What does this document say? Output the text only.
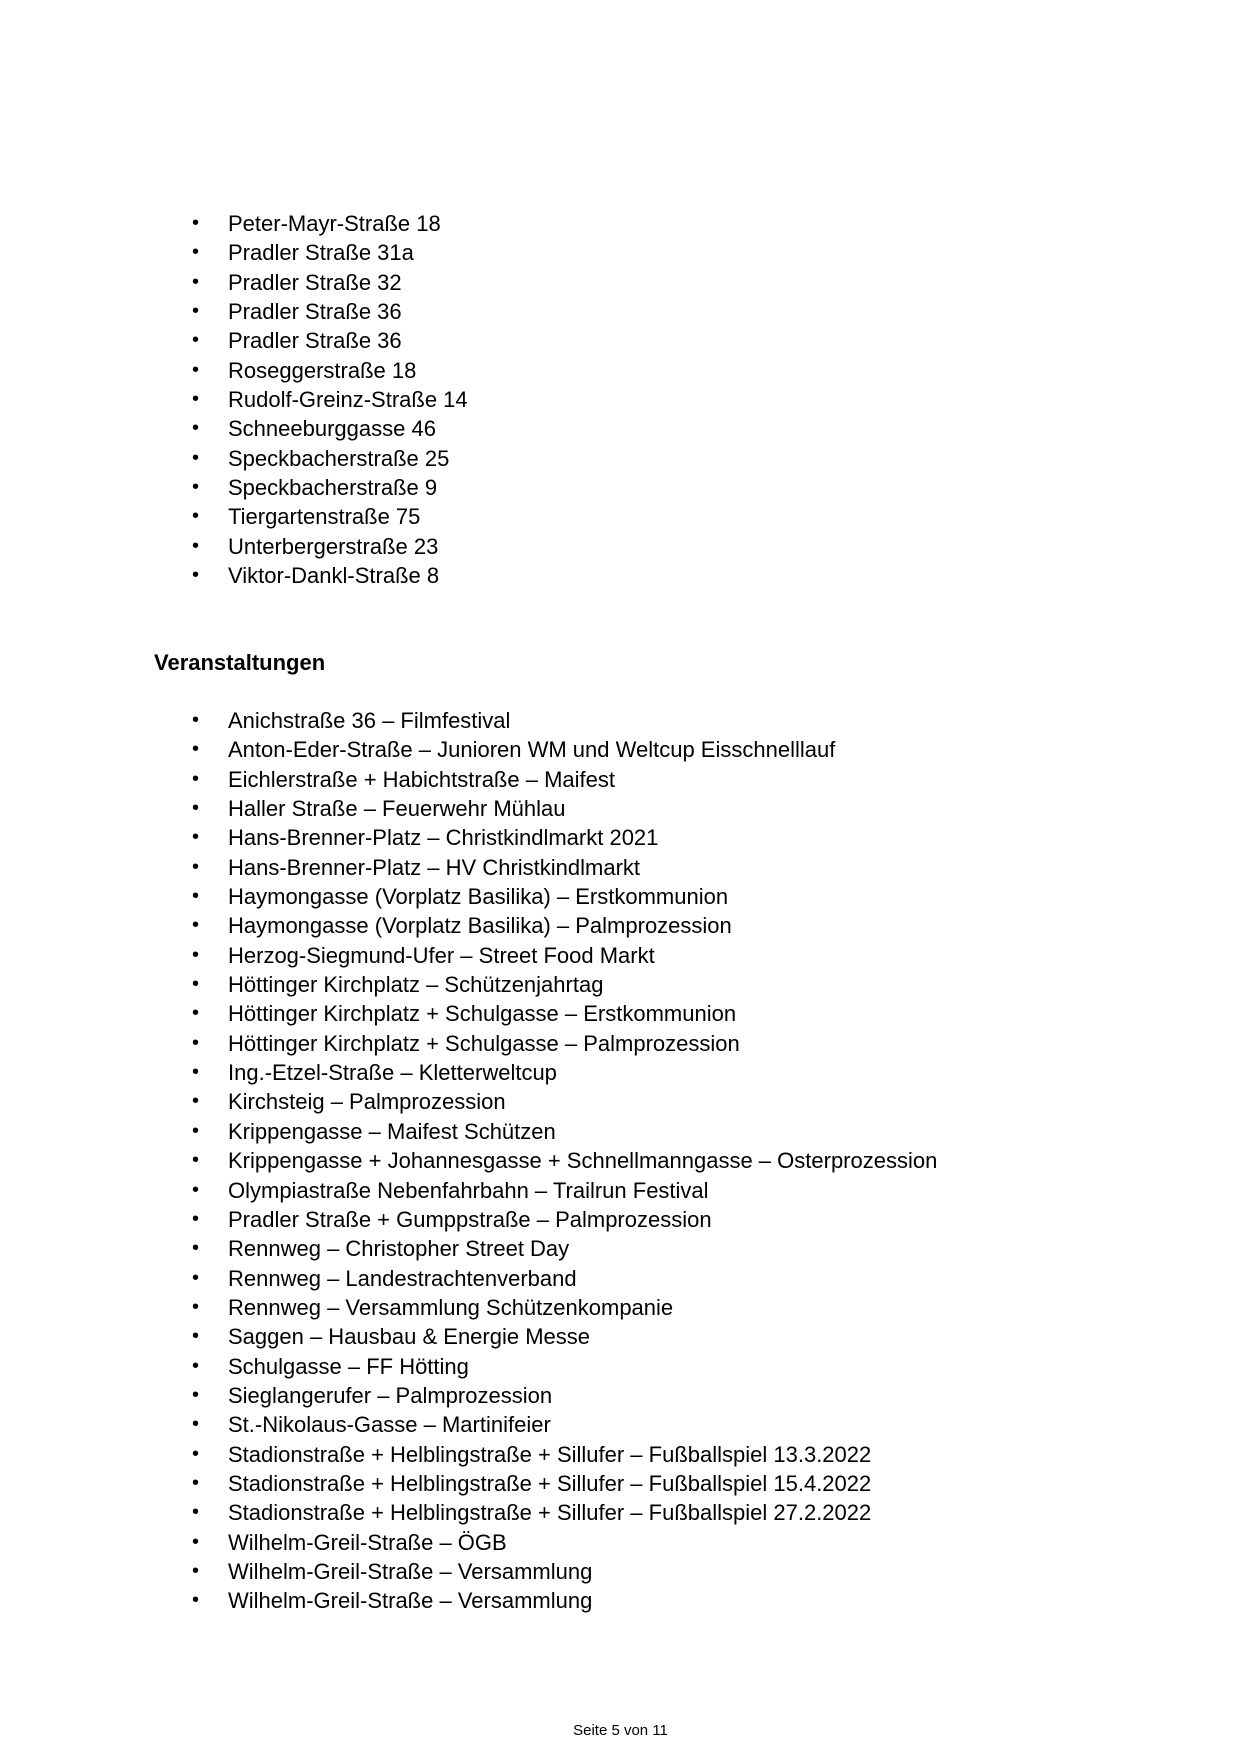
•	Peter-Mayr-Straße 18
•	Pradler Straße 31a
•	Pradler Straße 32
•	Pradler Straße 36
•	Pradler Straße 36
•	Roseggerstraße 18
•	Rudolf-Greinz-Straße 14
•	Schneeburggasse 46
•	Speckbacherstraße 25
•	Speckbacherstraße 9
•	Tiergartenstraße 75
•	Unterbergerstraße 23
•	Viktor-Dankl-Straße 8
Veranstaltungen
•	Anichstraße 36 – Filmfestival
•	Anton-Eder-Straße – Junioren WM und Weltcup Eisschnelllauf
•	Eichlerstraße + Habichtstraße – Maifest
•	Haller Straße – Feuerwehr Mühlau
•	Hans-Brenner-Platz – Christkindlmarkt 2021
•	Hans-Brenner-Platz – HV Christkindlmarkt
•	Haymongasse (Vorplatz Basilika) – Erstkommunion
•	Haymongasse (Vorplatz Basilika) – Palmprozession
•	Herzog-Siegmund-Ufer – Street Food Markt
•	Höttinger Kirchplatz – Schützenjahrtag
•	Höttinger Kirchplatz + Schulgasse – Erstkommunion
•	Höttinger Kirchplatz + Schulgasse – Palmprozession
•	Ing.-Etzel-Straße – Kletterweltcup
•	Kirchsteig – Palmprozession
•	Krippengasse – Maifest Schützen
•	Krippengasse + Johannesgasse + Schnellmanngasse – Osterprozession
•	Olympiastraße Nebenfahrbahn – Trailrun Festival
•	Pradler Straße + Gumppstraße – Palmprozession
•	Rennweg – Christopher Street Day
•	Rennweg – Landestrachtenverband
•	Rennweg – Versammlung Schützenkompanie
•	Saggen – Hausbau & Energie Messe
•	Schulgasse – FF Hötting
•	Sieglangerufer – Palmprozession
•	St.-Nikolaus-Gasse – Martinifeier
•	Stadionstraße + Helblingstraße + Sillufer – Fußballspiel 13.3.2022
•	Stadionstraße + Helblingstraße + Sillufer – Fußballspiel 15.4.2022
•	Stadionstraße + Helblingstraße + Sillufer – Fußballspiel 27.2.2022
•	Wilhelm-Greil-Straße – ÖGB
•	Wilhelm-Greil-Straße – Versammlung
•	Wilhelm-Greil-Straße – Versammlung
Seite 5 von 11
